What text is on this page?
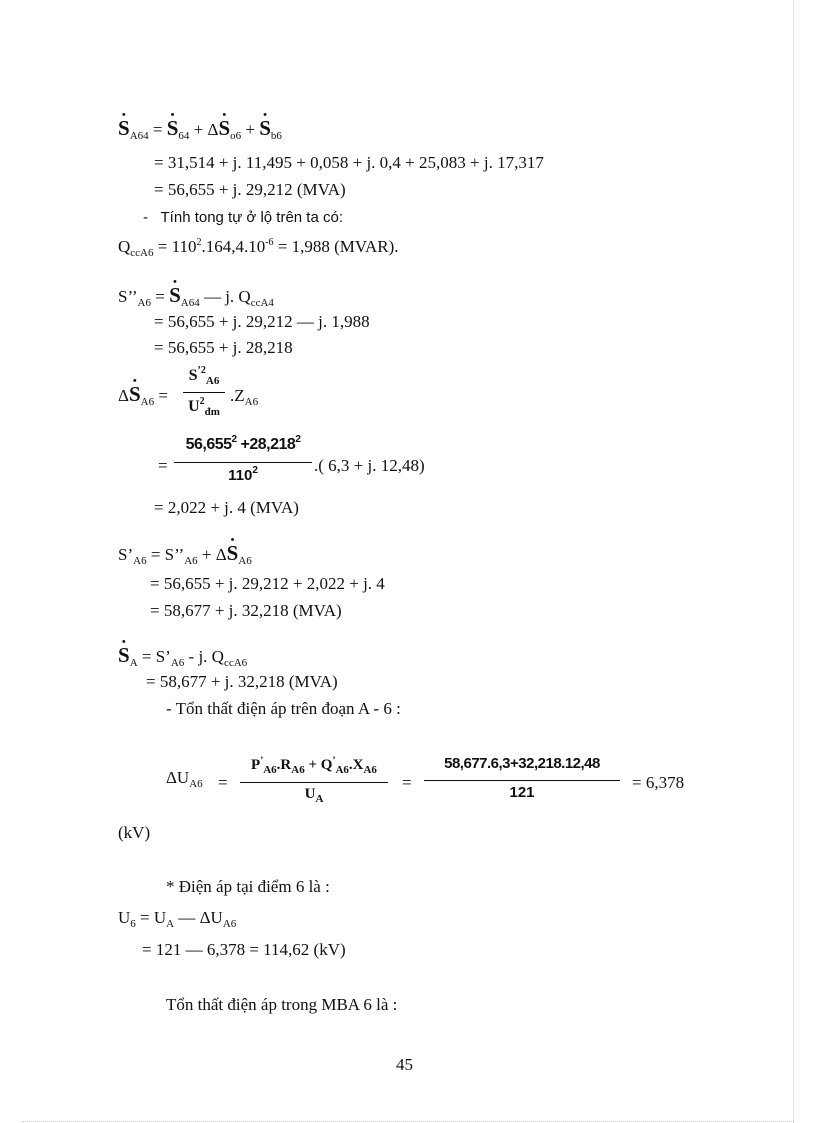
• $S_{A64}$ = • $S_{64}$ + Δ• $S_{o6}$ + • $S_{b6}$
= 31,514 + j. 11,495 + 0,058 + j. 0,4 + 25,083 + j. 17,317
= 56,655 + j. 29,212 (MVA)
- Tính tong tự ở lộ trên ta có:
$Q_{ccA6} = 110^2.164,4.10^{-6} = 1,988$ (MVAR).
$S’’_{A6}$ = • $S_{A64}$ — j. $Q_{ccA4}$
= 56,655 + j. 29,212 — j. 1,988
= 56,655 + j. 28,218
Δ• $S_{A6}$ =
$S^{’2}_{A6}$
$U^2_{đm}$
$.Z_{A6}$
=
$56,655^2 +28,218^2$
$110^2$	.( 6,3 + j. 12,48)
= 2,022 + j. 4 (MVA)
$S’_{A6}$ = $S’’_{A6}$ + Δ• $S_{A6}$
= 56,655 + j. 29,212 + 2,022 + j. 4
= 58,677 + j. 32,218 (MVA)
• $S_A$ = $S’_{A6}$ - j. $Q_{ccA6}$
= 58,677 + j. 32,218 (MVA)
- Tổn thất điện áp trên đoạn A - 6 :
$\Delta U_{A6}$ =
$P^’_{A6}.R_{A6} + Q^’_{A6}.X_{A6}$
$U_A$
=
58,677.6,3+32,218.12,48
121
= 6,378
(kV)
* Điện áp tại điểm 6 là :
$U_6 = U_A$ — $\Delta U_{A6}$
= 121 — 6,378 = 114,62 (kV)
Tổn thất điện áp trong MBA 6 là :
45
